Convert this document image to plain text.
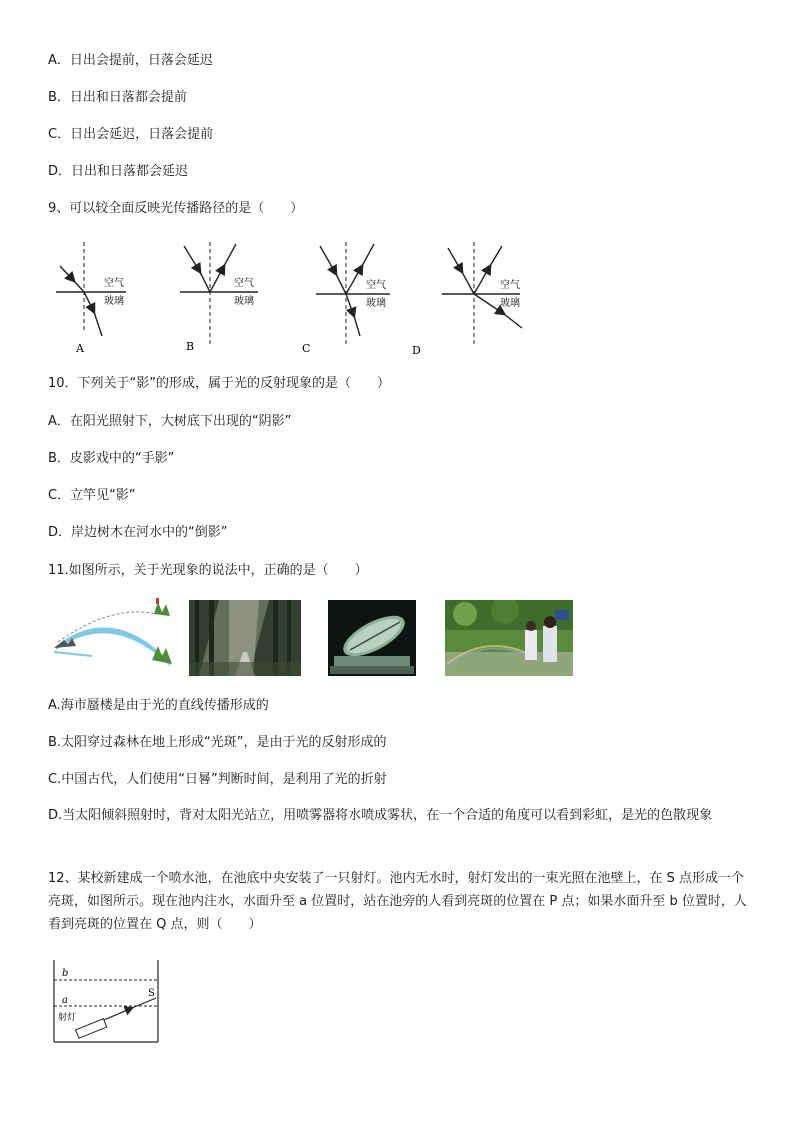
A．日出会提前，日落会延迟
B．日出和日落都会提前
C．日出会延迟，日落会提前
D．日出和日落都会延迟
9、可以较全面反映光传播路径的是（　　）
空气
玻璃
A
空气
玻璃
B
空气
玻璃
C
空气
玻璃
D
10．下列关于“影”的形成，属于光的反射现象的是（　　）
A．在阳光照射下，大树底下出现的“阴影”
B．皮影戏中的“手影”
C．立竿见“影”
D．岸边树木在河水中的“倒影”
11.如图所示，关于光现象的说法中，正确的是（　　）
A.海市蜃楼是由于光的直线传播形成的
B.太阳穿过森林在地上形成“光斑”，是由于光的反射形成的
C.中国古代，人们使用“日晷”判断时间，是利用了光的折射
D.当太阳倾斜照射时，背对太阳光站立，用喷雾器将水喷成雾状，在一个合适的角度可以看到彩虹，是光的色散现象
12、某校新建成一个喷水池，在池底中央安装了一只射灯。池内无水时，射灯发出的一束光照在池壁上，在 S 点形成一个亮斑，如图所示。现在池内注水，水面升至 a 位置时，站在池旁的人看到亮斑的位置在 P 点；如果水面升至 b 位置时，人看到亮斑的位置在 Q 点，则（　　）
b
a
S
射灯
